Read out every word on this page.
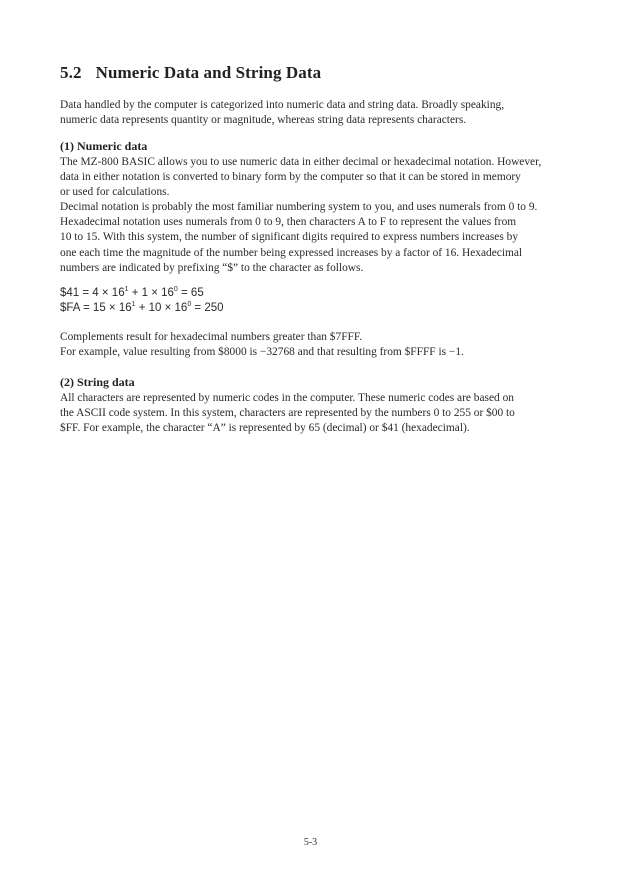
5.2 Numeric Data and String Data

Data handled by the computer is categorized into numeric data and string data. Broadly speaking,

numeric data represents quantity or magnitude, whereas string data represents characters.

(1) Numeric data

The MZ-800 BASIC allows you to use numeric data in either decimal or hexadecimal notation. However,

data in either notation is converted to binary form by the computer so that it can be stored in memory

or used for calculations.

Decimal notation is probably the most familiar numbering system to you, and uses numerals from 0 to 9.

Hexadecimal notation uses numerals from 0 to 9, then characters A to F to represent the values from

10 to 15. With this system, the number of significant digits required to express numbers increases by

one each time the magnitude of the number being expressed increases by a factor of 16. Hexadecimal

numbers are indicated by prefixing “$” to the character as follows.

$41 = $4 \times 16^1 + 1 \times 16^0 = 65$
$FA = $15 \times 16^1 + 10 \times 16^0 = 250$

Complements result for hexadecimal numbers greater than $7FFF.

For example, value resulting from $8000 is −32768 and that resulting from $FFFF is −1.

(2) String data

All characters are represented by numeric codes in the computer. These numeric codes are based on

the ASCII code system. In this system, characters are represented by the numbers 0 to 255 or $00 to

$FF. For example, the character “A” is represented by 65 (decimal) or $41 (hexadecimal).

5-3
